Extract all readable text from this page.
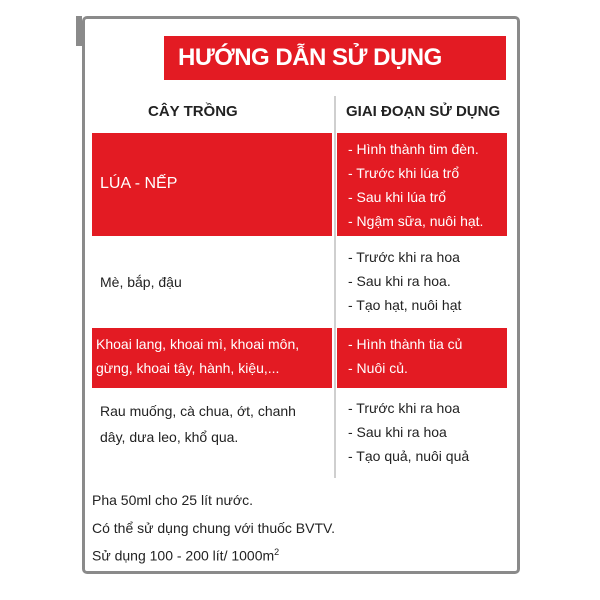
HƯỚNG DẪN SỬ DỤNG
CÂY TRỒNG	GIAI ĐOẠN SỬ DỤNG
LÚA - NẾP
- Hình thành tim đèn.
- Trước khi lúa trổ
- Sau khi lúa trổ
- Ngậm sữa, nuôi hạt.
Mè, bắp, đậu
- Trước khi ra hoa
- Sau khi ra hoa.
- Tạo hạt, nuôi hạt
Khoai lang, khoai mì, khoai môn,
gừng, khoai tây, hành, kiệu,...
- Hình thành tia củ
- Nuôi củ.
Rau muống, cà chua, ớt, chanh
dây, dưa leo, khổ qua.
- Trước khi ra hoa
- Sau khi ra hoa
- Tạo quả, nuôi quả
Pha 50ml cho 25 lít nước.
Có thể sử dụng chung với thuốc BVTV.
Sử dụng 100 - 200 lít/ $1000m^2$
